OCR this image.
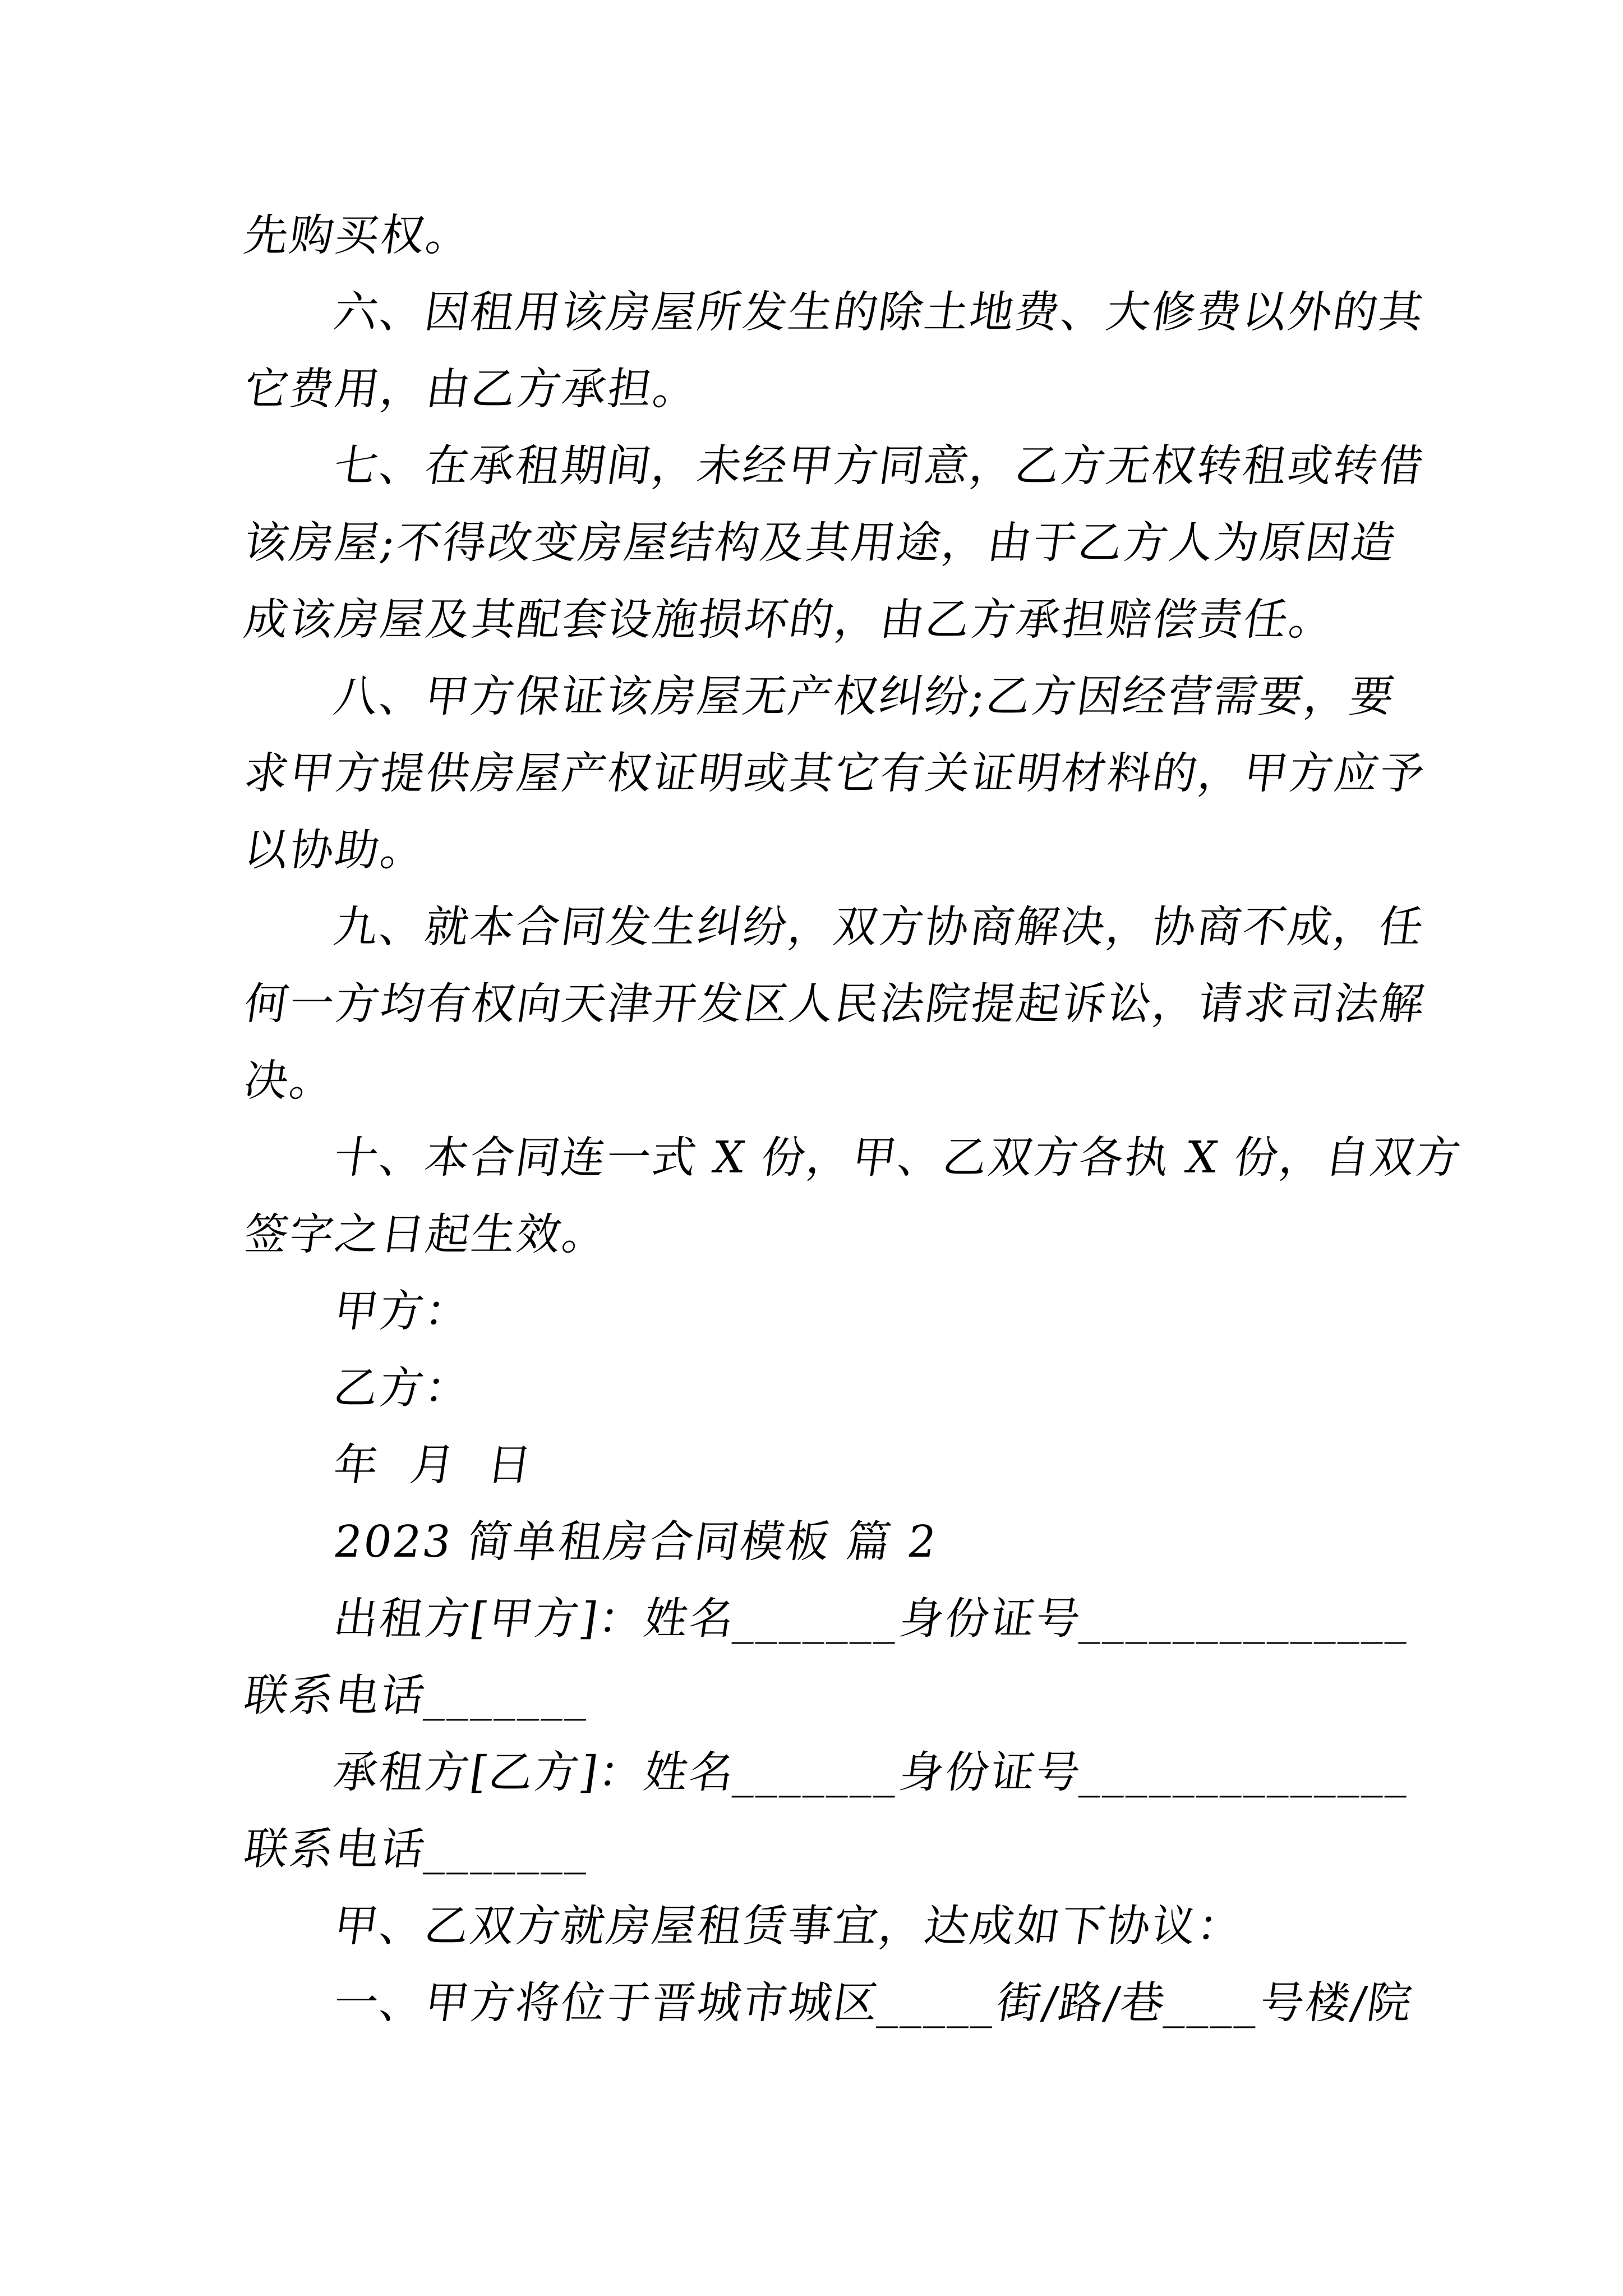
先购买权。
六、因租用该房屋所发生的除土地费、大修费以外的其
它费用，由乙方承担。
七、在承租期间，未经甲方同意，乙方无权转租或转借
该房屋;不得改变房屋结构及其用途，由于乙方人为原因造
成该房屋及其配套设施损坏的，由乙方承担赔偿责任。
八、甲方保证该房屋无产权纠纷;乙方因经营需要，要
求甲方提供房屋产权证明或其它有关证明材料的，甲方应予
以协助。
九、就本合同发生纠纷，双方协商解决，协商不成，任
何一方均有权向天津开发区人民法院提起诉讼，请求司法解
决。
十、本合同连一式 X 份，甲、乙双方各执 X 份，自双方
签字之日起生效。
甲方：
乙方：
年  月  日
2023 简单租房合同模板 篇 2
出租方[甲方]：姓名_______身份证号______________
联系电话_______
承租方[乙方]：姓名_______身份证号______________
联系电话_______
甲、乙双方就房屋租赁事宜，达成如下协议：
一、甲方将位于晋城市城区_____街/路/巷____号楼/院
